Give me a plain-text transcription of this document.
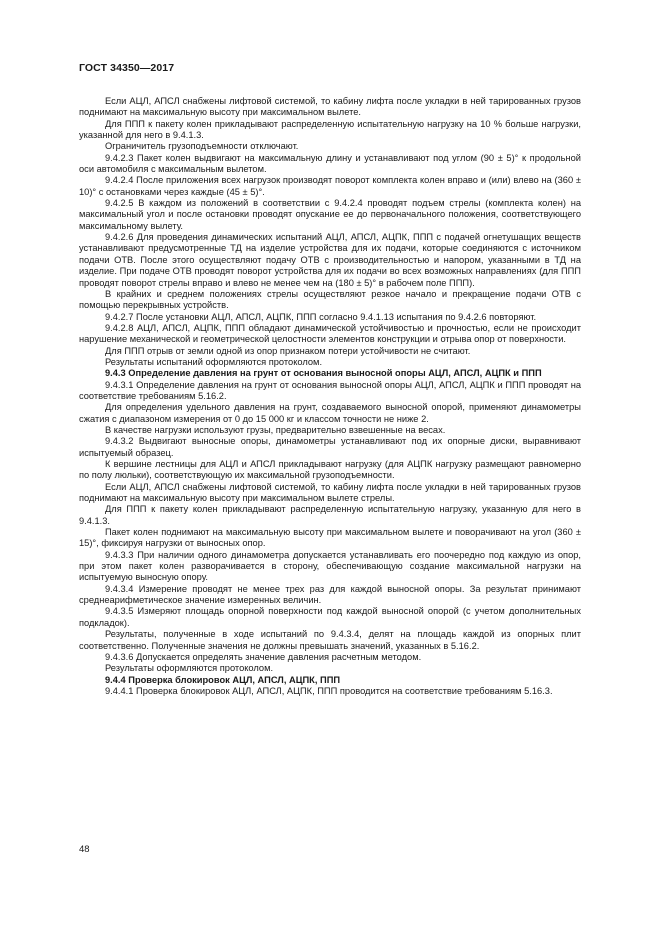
ГОСТ 34350—2017

Если АЦЛ, АПСЛ снабжены лифтовой системой, то кабину лифта после укладки в ней тарированных грузов поднимают на максимальную высоту при максимальном вылете.

Для ППП к пакету колен прикладывают распределенную испытательную нагрузку на 10 % больше нагрузки, указанной для него в 9.4.1.3.

Ограничитель грузоподъемности отключают.

9.4.2.3 Пакет колен выдвигают на максимальную длину и устанавливают под углом (90 ± 5)° к продольной оси автомобиля с максимальным вылетом.

9.4.2.4 После приложения всех нагрузок производят поворот комплекта колен вправо и (или) влево на (360 ± 10)° с остановками через каждые (45 ± 5)°.

9.4.2.5 В каждом из положений в соответствии с 9.4.2.4 проводят подъем стрелы (комплекта колен) на максимальный угол и после остановки проводят опускание ее до первоначального положения, соответствующего максимальному вылету.

9.4.2.6 Для проведения динамических испытаний АЦЛ, АПСЛ, АЦПК, ППП с подачей огнетушащих веществ устанавливают предусмотренные ТД на изделие устройства для их подачи, которые соединяются с источником подачи ОТВ. После этого осуществляют подачу ОТВ с производительностью и напором, указанными в ТД на изделие. При подаче ОТВ проводят поворот устройства для их подачи во всех возможных направлениях (для ППП проводят поворот стрелы вправо и влево не менее чем на (180 ± 5)° в рабочем поле ППП).

В крайних и среднем положениях стрелы осуществляют резкое начало и прекращение подачи ОТВ с помощью перекрывных устройств.

9.4.2.7 После установки АЦЛ, АПСЛ, АЦПК, ППП согласно 9.4.1.13 испытания по 9.4.2.6 повторяют.

9.4.2.8 АЦЛ, АПСЛ, АЦПК, ППП обладают динамической устойчивостью и прочностью, если не происходит нарушение механической и геометрической целостности элементов конструкции и отрыва опор от поверхности.

Для ППП отрыв от земли одной из опор признаком потери устойчивости не считают.

Результаты испытаний оформляются протоколом.

9.4.3 Определение давления на грунт от основания выносной опоры АЦЛ, АПСЛ, АЦПК и ППП

9.4.3.1 Определение давления на грунт от основания выносной опоры АЦЛ, АПСЛ, АЦПК и ППП проводят на соответствие требованиям 5.16.2.

Для определения удельного давления на грунт, создаваемого выносной опорой, применяют динамометры сжатия с диапазоном измерения от 0 до 15 000 кг и классом точности не ниже 2.

В качестве нагрузки используют грузы, предварительно взвешенные на весах.

9.4.3.2 Выдвигают выносные опоры, динамометры устанавливают под их опорные диски, выравнивают испытуемый образец.

К вершине лестницы для АЦЛ и АПСЛ прикладывают нагрузку (для АЦПК нагрузку размещают равномерно по полу люльки), соответствующую их максимальной грузоподъемности.

Если АЦЛ, АПСЛ снабжены лифтовой системой, то кабину лифта после укладки в ней тарированных грузов поднимают на максимальную высоту при максимальном вылете стрелы.

Для ППП к пакету колен прикладывают распределенную испытательную нагрузку, указанную для него в 9.4.1.3.

Пакет колен поднимают на максимальную высоту при максимальном вылете и поворачивают на угол (360 ± 15)°, фиксируя нагрузки от выносных опор.

9.4.3.3 При наличии одного динамометра допускается устанавливать его поочередно под каждую из опор, при этом пакет колен разворачивается в сторону, обеспечивающую создание максимальной нагрузки на испытуемую выносную опору.

9.4.3.4 Измерение проводят не менее трех раз для каждой выносной опоры. За результат принимают среднеарифметическое значение измеренных величин.

9.4.3.5 Измеряют площадь опорной поверхности под каждой выносной опорой (с учетом дополнительных подкладок).

Результаты, полученные в ходе испытаний по 9.4.3.4, делят на площадь каждой из опорных плит соответственно. Полученные значения не должны превышать значений, указанных в 5.16.2.

9.4.3.6 Допускается определять значение давления расчетным методом.

Результаты оформляются протоколом.

9.4.4 Проверка блокировок АЦЛ, АПСЛ, АЦПК, ППП

9.4.4.1 Проверка блокировок АЦЛ, АПСЛ, АЦПК, ППП проводится на соответствие требованиям 5.16.3.

48
